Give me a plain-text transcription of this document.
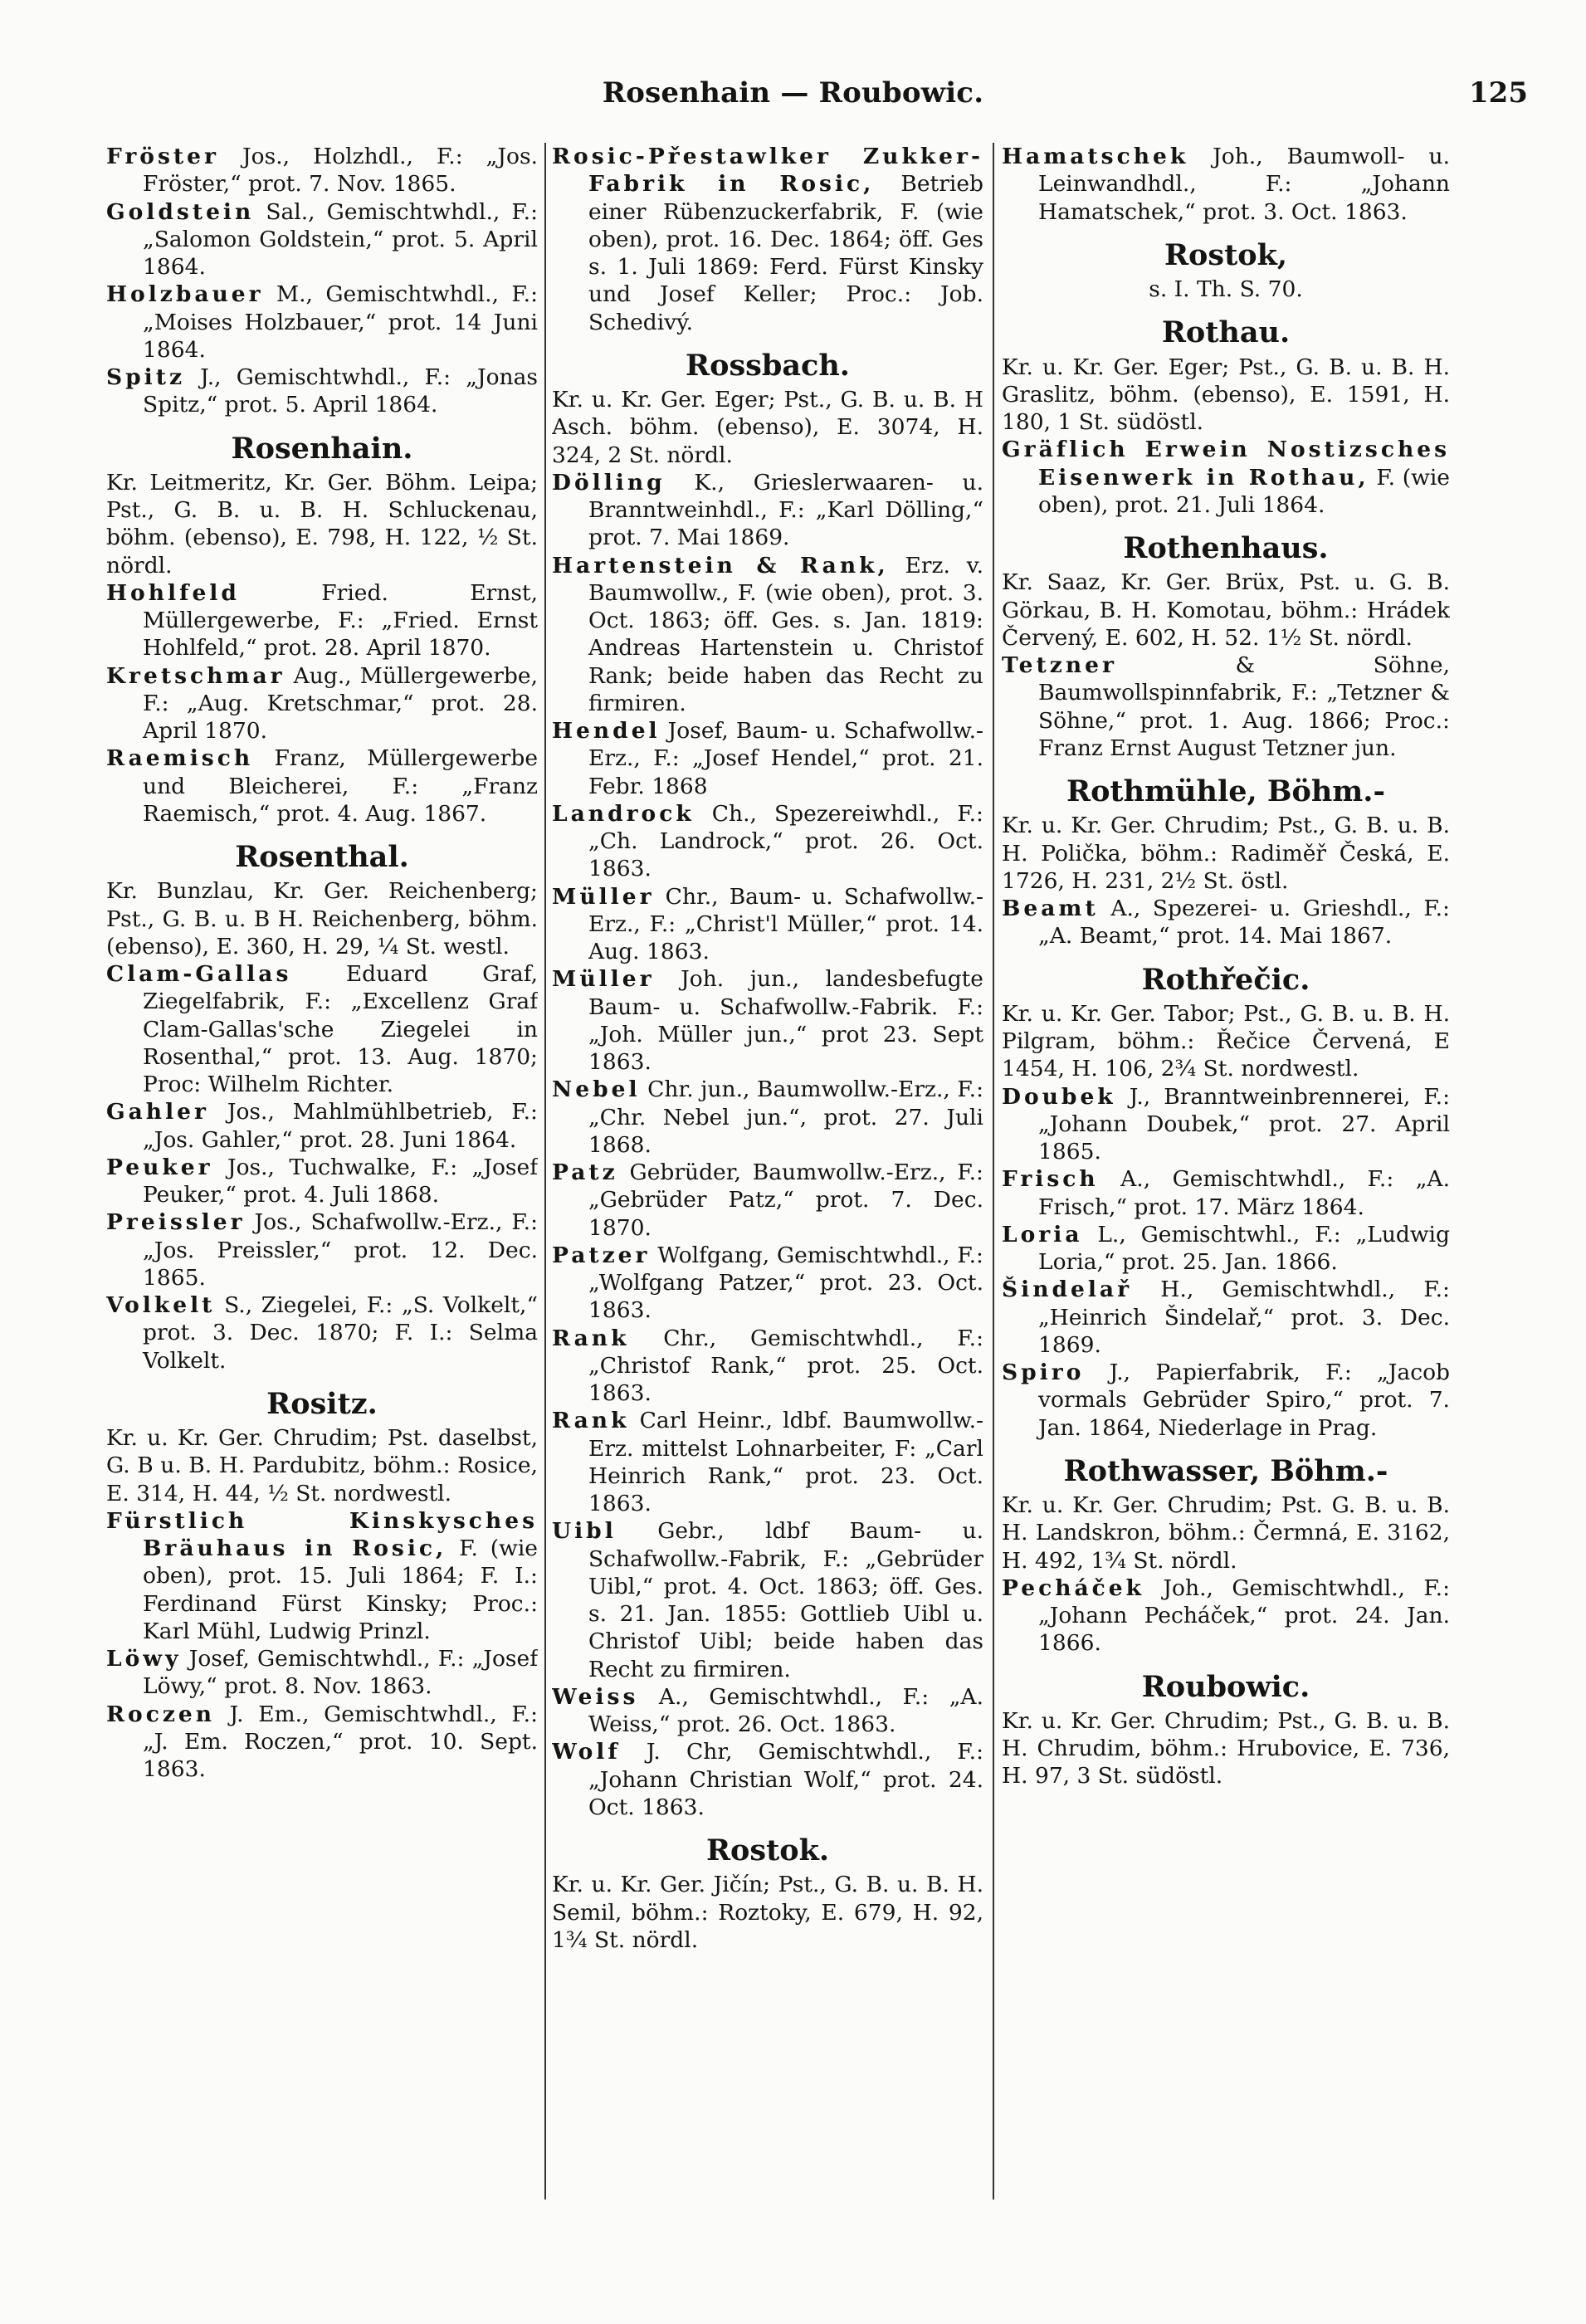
Rosenhain — Roubowic.	125

Fröster Jos., Holzhdl., F.: „Jos. Fröster,“ prot. 7. Nov. 1865.

Goldstein Sal., Gemischtwhdl., F.: „Salomon Goldstein,“ prot. 5. April 1864.

Holzbauer M., Gemischtwhdl., F.: „Moises Holzbauer,“ prot. 14 Juni 1864.

Spitz J., Gemischtwhdl., F.: „Jonas Spitz,“ prot. 5. April 1864.

Rosenhain.

Kr. Leitmeritz, Kr. Ger. Böhm. Leipa; Pst., G. B. u. B. H. Schluckenau, böhm. (ebenso), E. 798, H. 122, ½ St. nördl.

Hohlfeld Fried. Ernst, Müllergewerbe, F.: „Fried. Ernst Hohlfeld,“ prot. 28. April 1870.

Kretschmar Aug., Müllergewerbe, F.: „Aug. Kretschmar,“ prot. 28. April 1870.

Raemisch Franz, Müllergewerbe und Bleicherei, F.: „Franz Raemisch,“ prot. 4. Aug. 1867.

Rosenthal.

Kr. Bunzlau, Kr. Ger. Reichenberg; Pst., G. B. u. B H. Reichenberg, böhm. (ebenso), E. 360, H. 29, ¼ St. westl.

Clam-Gallas Eduard Graf, Ziegelfabrik, F.: „Excellenz Graf Clam-Gallas'sche Ziegelei in Rosenthal,“ prot. 13. Aug. 1870; Proc: Wilhelm Richter.

Gahler Jos., Mahlmühlbetrieb, F.: „Jos. Gahler,“ prot. 28. Juni 1864.

Peuker Jos., Tuchwalke, F.: „Josef Peuker,“ prot. 4. Juli 1868.

Preissler Jos., Schafwollw.-Erz., F.: „Jos. Preissler,“ prot. 12. Dec. 1865.

Volkelt S., Ziegelei, F.: „S. Volkelt,“ prot. 3. Dec. 1870; F. I.: Selma Volkelt.

Rositz.

Kr. u. Kr. Ger. Chrudim; Pst. daselbst, G. B u. B. H. Pardubitz, böhm.: Rosice, E. 314, H. 44, ½ St. nordwestl.

Fürstlich Kinskysches Bräuhaus in Rosic, F. (wie oben), prot. 15. Juli 1864; F. I.: Ferdinand Fürst Kinsky; Proc.: Karl Mühl, Ludwig Prinzl.

Löwy Josef, Gemischtwhdl., F.: „Josef Löwy,“ prot. 8. Nov. 1863.

Roczen J. Em., Gemischtwhdl., F.: „J. Em. Roczen,“ prot. 10. Sept. 1863.

Rosic-Přestawlker Zukker-Fabrik in Rosic, Betrieb einer Rübenzuckerfabrik, F. (wie oben), prot. 16. Dec. 1864; öff. Ges s. 1. Juli 1869: Ferd. Fürst Kinsky und Josef Keller; Proc.: Job. Schedivý.

Rossbach.

Kr. u. Kr. Ger. Eger; Pst., G. B. u. B. H Asch. böhm. (ebenso), E. 3074, H. 324, 2 St. nördl.

Dölling K., Grieslerwaaren- u. Branntweinhdl., F.: „Karl Dölling,“ prot. 7. Mai 1869.

Hartenstein & Rank, Erz. v. Baumwollw., F. (wie oben), prot. 3. Oct. 1863; öff. Ges. s. Jan. 1819: Andreas Hartenstein u. Christof Rank; beide haben das Recht zu firmiren.

Hendel Josef, Baum- u. Schafwollw.-Erz., F.: „Josef Hendel,“ prot. 21. Febr. 1868

Landrock Ch., Spezereiwhdl., F.: „Ch. Landrock,“ prot. 26. Oct. 1863.

Müller Chr., Baum- u. Schafwollw.-Erz., F.: „Christ'l Müller,“ prot. 14. Aug. 1863.

Müller Joh. jun., landesbefugte Baum- u. Schafwollw.-Fabrik. F.: „Joh. Müller jun.,“ prot 23. Sept 1863.

Nebel Chr. jun., Baumwollw.-Erz., F.: „Chr. Nebel jun.“, prot. 27. Juli 1868.

Patz Gebrüder, Baumwollw.-Erz., F.: „Gebrüder Patz,“ prot. 7. Dec. 1870.

Patzer Wolfgang, Gemischtwhdl., F.: „Wolfgang Patzer,“ prot. 23. Oct. 1863.

Rank Chr., Gemischtwhdl., F.: „Christof Rank,“ prot. 25. Oct. 1863.

Rank Carl Heinr., ldbf. Baumwollw.-Erz. mittelst Lohnarbeiter, F: „Carl Heinrich Rank,“ prot. 23. Oct. 1863.

Uibl Gebr., ldbf Baum- u. Schafwollw.-Fabrik, F.: „Gebrüder Uibl,“ prot. 4. Oct. 1863; öff. Ges. s. 21. Jan. 1855: Gottlieb Uibl u. Christof Uibl; beide haben das Recht zu firmiren.

Weiss A., Gemischtwhdl., F.: „A. Weiss,“ prot. 26. Oct. 1863.

Wolf J. Chr, Gemischtwhdl., F.: „Johann Christian Wolf,“ prot. 24. Oct. 1863.

Rostok.

Kr. u. Kr. Ger. Jičín; Pst., G. B. u. B. H. Semil, böhm.: Roztoky, E. 679, H. 92, 1¾ St. nördl.

Hamatschek Joh., Baumwoll- u. Leinwandhdl., F.: „Johann Hamatschek,“ prot. 3. Oct. 1863.

Rostok,

s. I. Th. S. 70.

Rothau.

Kr. u. Kr. Ger. Eger; Pst., G. B. u. B. H. Graslitz, böhm. (ebenso), E. 1591, H. 180, 1 St. südöstl.

Gräflich Erwein Nostizsches Eisenwerk in Rothau, F. (wie oben), prot. 21. Juli 1864.

Rothenhaus.

Kr. Saaz, Kr. Ger. Brüx, Pst. u. G. B. Görkau, B. H. Komotau, böhm.: Hrádek Červený, E. 602, H. 52. 1½ St. nördl.

Tetzner & Söhne, Baumwollspinnfabrik, F.: „Tetzner & Söhne,“ prot. 1. Aug. 1866; Proc.: Franz Ernst August Tetzner jun.

Rothmühle, Böhm.-

Kr. u. Kr. Ger. Chrudim; Pst., G. B. u. B. H. Polička, böhm.: Radiměř Česká, E. 1726, H. 231, 2½ St. östl.

Beamt A., Spezerei- u. Grieshdl., F.: „A. Beamt,“ prot. 14. Mai 1867.

Rothřečic.

Kr. u. Kr. Ger. Tabor; Pst., G. B. u. B. H. Pilgram, böhm.: Řečice Červená, E 1454, H. 106, 2¾ St. nordwestl.

Doubek J., Branntweinbrennerei, F.: „Johann Doubek,“ prot. 27. April 1865.

Frisch A., Gemischtwhdl., F.: „A. Frisch,“ prot. 17. März 1864.

Loria L., Gemischtwhl., F.: „Ludwig Loria,“ prot. 25. Jan. 1866.

Šindelař H., Gemischtwhdl., F.: „Heinrich Šindelař,“ prot. 3. Dec. 1869.

Spiro J., Papierfabrik, F.: „Jacob vormals Gebrüder Spiro,“ prot. 7. Jan. 1864, Niederlage in Prag.

Rothwasser, Böhm.-

Kr. u. Kr. Ger. Chrudim; Pst. G. B. u. B. H. Landskron, böhm.: Čermná, E. 3162, H. 492, 1¾ St. nördl.

Pecháček Joh., Gemischtwhdl., F.: „Johann Pecháček,“ prot. 24. Jan. 1866.

Roubowic.

Kr. u. Kr. Ger. Chrudim; Pst., G. B. u. B. H. Chrudim, böhm.: Hrubovice, E. 736, H. 97, 3 St. südöstl.
